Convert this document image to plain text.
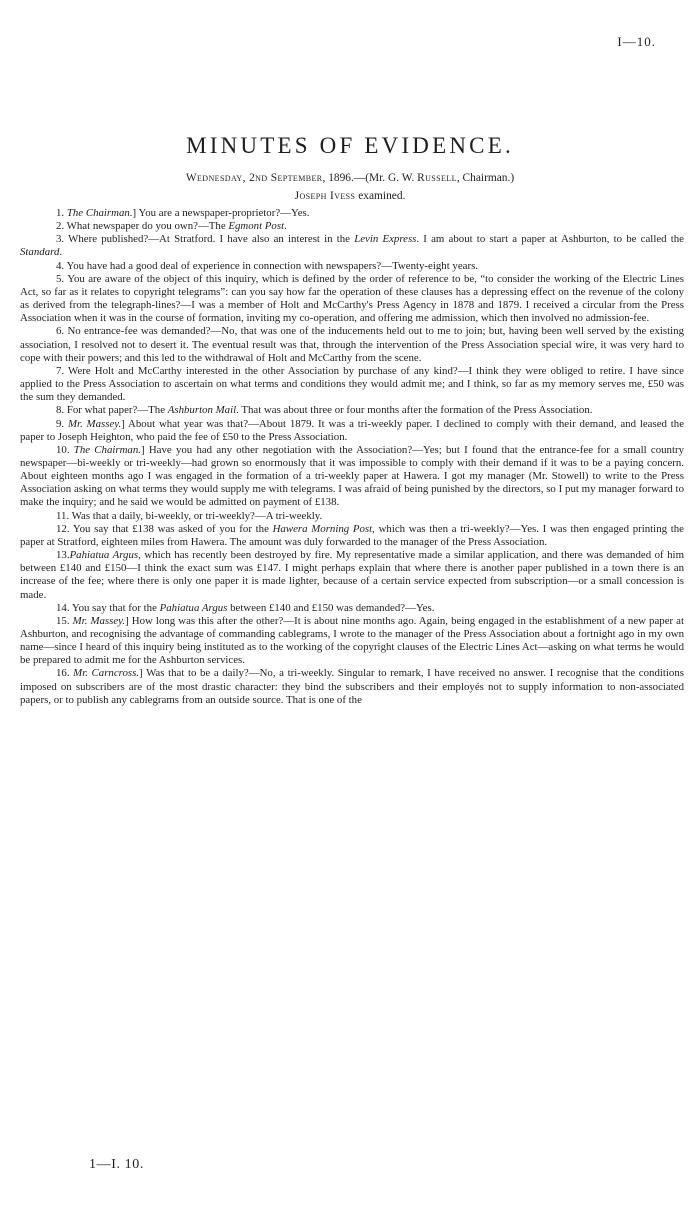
I—10.
MINUTES OF EVIDENCE.
Wednesday, 2nd September, 1896.—(Mr. G. W. Russell, Chairman.)
Joseph Ivess examined.

1. The Chairman.] You are a newspaper-proprietor?—Yes.

2. What newspaper do you own?—The Egmont Post.

3. Where published?—At Stratford. I have also an interest in the Levin Express. I am about to start a paper at Ashburton, to be called the Standard.

4. You have had a good deal of experience in connection with newspapers?—Twenty-eight years.

5. You are aware of the object of this inquiry, which is defined by the order of reference to be, “to consider the working of the Electric Lines Act, so far as it relates to copyright telegrams”: can you say how far the operation of these clauses has a depressing effect on the revenue of the colony as derived from the telegraph-lines?—I was a member of Holt and McCarthy's Press Agency in 1878 and 1879. I received a circular from the Press Association when it was in the course of formation, inviting my co-operation, and offering me admission, which then involved no admission-fee.

6. No entrance-fee was demanded?—No, that was one of the inducements held out to me to join; but, having been well served by the existing association, I resolved not to desert it. The eventual result was that, through the intervention of the Press Association special wire, it was very hard to cope with their powers; and this led to the withdrawal of Holt and McCarthy from the scene.

7. Were Holt and McCarthy interested in the other Association by purchase of any kind?—I think they were obliged to retire. I have since applied to the Press Association to ascertain on what terms and conditions they would admit me; and I think, so far as my memory serves me, £50 was the sum they demanded.

8. For what paper?—The Ashburton Mail. That was about three or four months after the formation of the Press Association.

9. Mr. Massey.] About what year was that?—About 1879. It was a tri-weekly paper. I declined to comply with their demand, and leased the paper to Joseph Heighton, who paid the fee of £50 to the Press Association.

10. The Chairman.] Have you had any other negotiation with the Association?—Yes; but I found that the entrance-fee for a small country newspaper—bi-weekly or tri-weekly—had grown so enormously that it was impossible to comply with their demand if it was to be a paying concern. About eighteen months ago I was engaged in the formation of a tri-weekly paper at Hawera. I got my manager (Mr. Stowell) to write to the Press Association asking on what terms they would supply me with telegrams. I was afraid of being punished by the directors, so I put my manager forward to make the inquiry; and he said we would be admitted on payment of £138.

11. Was that a daily, bi-weekly, or tri-weekly?—A tri-weekly.

12. You say that £138 was asked of you for the Hawera Morning Post, which was then a tri-weekly?—Yes. I was then engaged printing the paper at Stratford, eighteen miles from Hawera. The amount was duly forwarded to the manager of the Press Association.

13.Pahiatua Argus, which has recently been destroyed by fire. My representative made a similar application, and there was demanded of him between £140 and £150—I think the exact sum was £147. I might perhaps explain that where there is another paper published in a town there is an increase of the fee; where there is only one paper it is made lighter, because of a certain service expected from subscription—or a small concession is made.

14. You say that for the Pahiatua Argus between £140 and £150 was demanded?—Yes.

15. Mr. Massey.] How long was this after the other?—It is about nine months ago. Again, being engaged in the establishment of a new paper at Ashburton, and recognising the advantage of commanding cablegrams, I wrote to the manager of the Press Association about a fortnight ago in my own name—since I heard of this inquiry being instituted as to the working of the copyright clauses of the Electric Lines Act—asking on what terms he would be prepared to admit me for the Ashburton services.

16. Mr. Carncross.] Was that to be a daily?—No, a tri-weekly. Singular to remark, I have received no answer. I recognise that the conditions imposed on subscribers are of the most drastic character: they bind the subscribers and their employés not to supply information to non-associated papers, or to publish any cablegrams from an outside source. That is one of the

1—I. 10.
